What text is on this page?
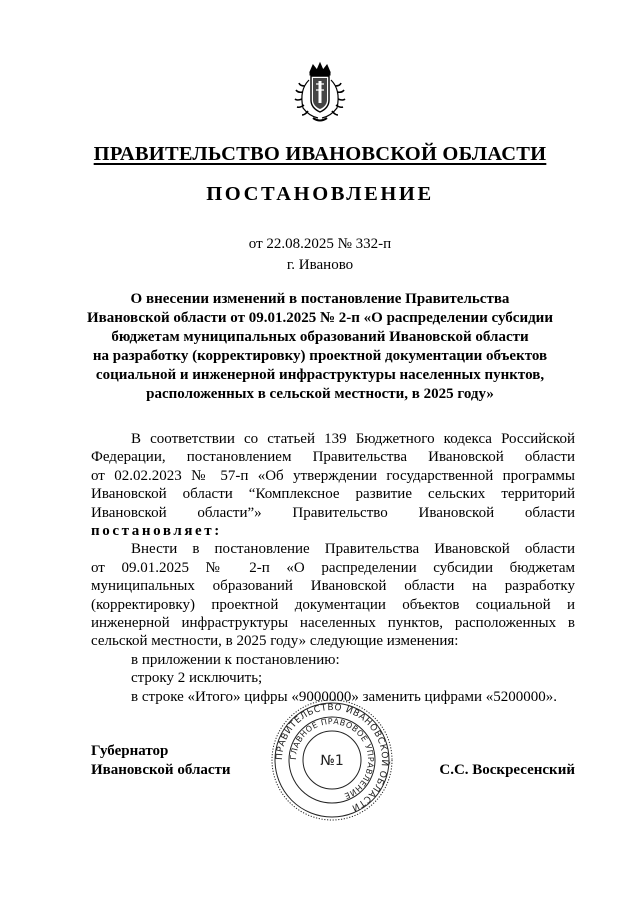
ПРАВИТЕЛЬСТВО ИВАНОВСКОЙ ОБЛАСТИ
ПОСТАНОВЛЕНИЕ
от 22.08.2025 № 332-п
г. Иваново
О внесении изменений в постановление Правительства
Ивановской области от 09.01.2025 № 2-п «О распределении субсидии
бюджетам муниципальных образований Ивановской области
на разработку (корректировку) проектной документации объектов
социальной и инженерной инфраструктуры населенных пунктов,
расположенных в сельской местности, в 2025 году»
В соответствии со статьей 139 Бюджетного кодекса Российской
Федерации, постановлением Правительства Ивановской области
от 02.02.2023 № 57-п «Об утверждении государственной программы
Ивановской области “Комплексное развитие сельских территорий
Ивановской области”» Правительство Ивановской области
постановляет:
Внести в постановление Правительства Ивановской области
от 09.01.2025 № 2-п «О распределении субсидии бюджетам
муниципальных образований Ивановской области на разработку
(корректировку) проектной документации объектов социальной и
инженерной инфраструктуры населенных пунктов, расположенных в
сельской местности, в 2025 году» следующие изменения:
в приложении к постановлению:
строку 2 исключить;
в строке «Итого» цифры «9000000» заменить цифрами «5200000».
Губернатор
Ивановской области	С.С. Воскресенский
ПРАВИТЕЛЬСТВО ИВАНОВСКОЙ ОБЛАСТИ
ГЛАВНОЕ ПРАВОВОЕ УПРАВЛЕНИЕ
№1
